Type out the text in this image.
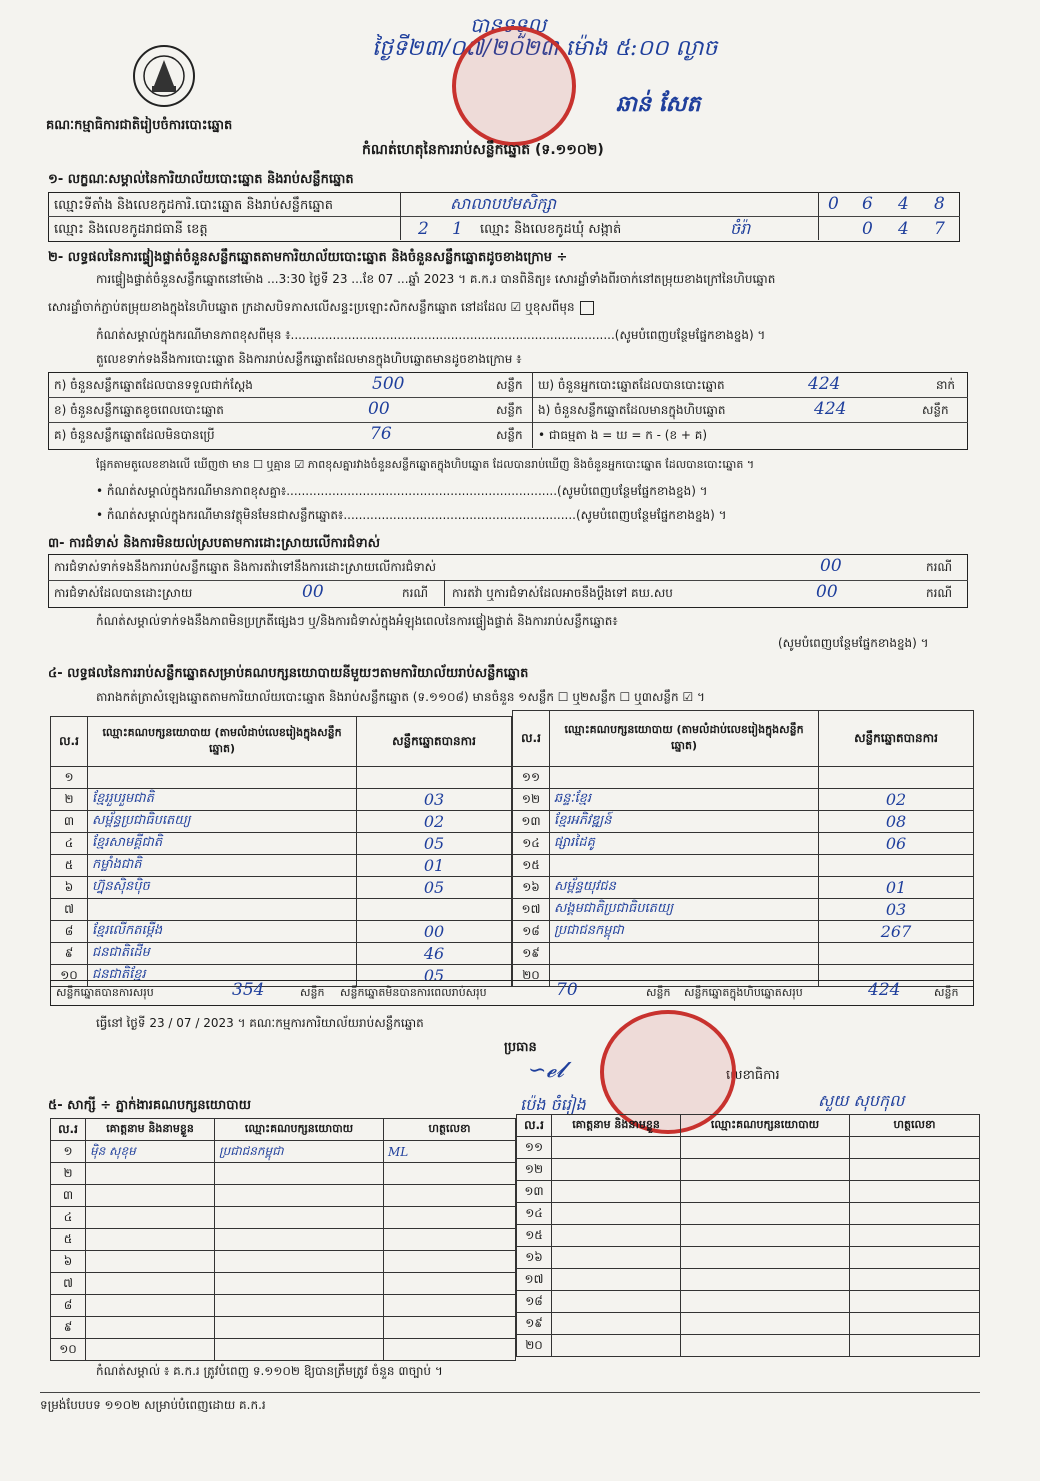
គណៈកម្មាធិការជាតិរៀបចំការបោះឆ្នោត
បានទទួល
ថ្ងៃទី២៣/០៧/២០២៣ ម៉ោង ៥:០០ ល្ងាច
ឆាន់ សែត
កំណត់ហេតុនៃការរាប់សន្លឹកឆ្នោត (ទ.១១០២)
១- លក្ខណៈសម្គាល់នៃការិយាល័យបោះឆ្នោត និងរាប់សន្លឹកឆ្នោត
ឈ្មោះទីតាំង និងលេខកូដការិ.បោះឆ្នោត និងរាប់សន្លឹកឆ្នោត	សាលាបឋមសិក្សា	0 6 4 8
ឈ្មោះ និងលេខកូដរាជធានី ខេត្ត	2 1 ឈ្មោះ និងលេខកូដឃុំ សង្កាត់	ចំរ៉ា	0 4 7
២- លទ្ធផលនៃការផ្ទៀងផ្ទាត់ចំនួនសន្លឹកឆ្នោតតាមការិយាល័យបោះឆ្នោត និងចំនួនសន្លឹកឆ្នោតដូចខាងក្រោម ÷
ការផ្ទៀងផ្ទាត់ចំនួនសន្លឹកឆ្នោតនៅម៉ោង ...3:30 ថ្ងៃទី 23 ...ខែ 07 ...ឆ្នាំ 2023 ។ គ.ក.រ បានពិនិត្យ៖ សោរដ្ឋាំទាំងពីរចាក់នៅតម្រុយខាងក្រៅនៃហិបឆ្នោត
សោរដ្ឋាំចាក់ភ្ជាប់តម្រុយខាងក្នុងនៃហិបឆ្នោត ក្រដាសបិទភាសលើសន្ទះប្រឡោះសិកសន្លឹកឆ្នោត នៅដដែល ☑ ឬខុសពីមុន
កំណត់សម្គាល់ក្នុងករណីមានភាពខុសពីមុន ៖.....................................................................................(សូមបំពេញបន្ថែមផ្នែកខាងខ្នង) ។
តួលេខទាក់ទងនឹងការបោះឆ្នោត និងការរាប់សន្លឹកឆ្នោតដែលមានក្នុងហិបឆ្នោតមានដូចខាងក្រោម ៖
ក) ចំនួនសន្លឹកឆ្នោតដែលបានទទួលជាក់ស្តែង	500	សន្លឹក
ខ) ចំនួនសន្លឹកឆ្នោតខូចពេលបោះឆ្នោត	00	សន្លឹក
គ) ចំនួនសន្លឹកឆ្នោតដែលមិនបានប្រើ	76	សន្លឹក
ឃ) ចំនួនអ្នកបោះឆ្នោតដែលបានបោះឆ្នោត	424	នាក់
ង) ចំនួនសន្លឹកឆ្នោតដែលមានក្នុងហិបឆ្នោត	424	សន្លឹក
• ជាធម្មតា ង = ឃ = ក - (ខ + គ)
ផ្អែកតាមតួលេខខាងលើ ឃើញថា មាន ☐ ឬគ្មាន ☑ ភាពខុសគ្នារវាងចំនួនសន្លឹកឆ្នោតក្នុងហិបឆ្នោត ដែលបានរាប់ឃើញ និងចំនួនអ្នកបោះឆ្នោត ដែលបានបោះឆ្នោត ។
• កំណត់សម្គាល់ក្នុងករណីមានភាពខុសគ្នា៖.......................................................................(សូមបំពេញបន្ថែមផ្នែកខាងខ្នង) ។
• កំណត់សម្គាល់ក្នុងករណីមានវត្ថុមិនមែនជាសន្លឹកឆ្នោត៖.............................................................(សូមបំពេញបន្ថែមផ្នែកខាងខ្នង) ។
៣- ការជំទាស់ និងការមិនយល់ស្របតាមការដោះស្រាយលើការជំទាស់
ការជំទាស់ទាក់ទងនឹងការរាប់សន្លឹកឆ្នោត និងការតវ៉ាទៅនឹងការដោះស្រាយលើការជំទាស់	00	ករណី
ការជំទាស់ដែលបានដោះស្រាយ	00	ករណី ការតវ៉ា ឬការជំទាស់ដែលអាចនឹងប្តឹងទៅ គឃ.សប	00	ករណី
កំណត់សម្គាល់ទាក់ទងនឹងភាពមិនប្រក្រតីផ្សេងៗ ឬ/និងការជំទាស់ក្នុងអំឡុងពេលនៃការផ្ទៀងផ្ទាត់ និងការរាប់សន្លឹកឆ្នោត៖
(សូមបំពេញបន្ថែមផ្នែកខាងខ្នង) ។
៤- លទ្ធផលនៃការរាប់សន្លឹកឆ្នោតសម្រាប់គណបក្សនយោបាយនីមួយៗតាមការិយាល័យរាប់សន្លឹកឆ្នោត
តារាងកត់ត្រាសំឡេងឆ្នោតតាមការិយាល័យបោះឆ្នោត និងរាប់សន្លឹកឆ្នោត (ទ.១១០៨) មានចំនួន ១សន្លឹក ☐ ឬ២សន្លឹក ☐ ឬ៣សន្លឹក ☑ ។
ល.រ	ឈ្មោះគណបក្សនយោបាយ (តាមលំដាប់លេខរៀងក្នុងសន្លឹកឆ្នោត)	សន្លឹកឆ្នោតបានការ
១		
២	ខ្មែររួបរួមជាតិ	03
៣	សម្ព័ន្ធប្រជាធិបតេយ្យ	02
៤	ខ្មែរសាមគ្គីជាតិ	05
៥	កម្លាំងជាតិ	01
៦	ហ្វ៊ុនស៊ិនប៉ិច	05
៧		
៨	ខ្មែរលើកតម្កើង	00
៩	ជនជាតិដើម	46
១០	ជនជាតិខ្មែរ	05
ល.រ	ឈ្មោះគណបក្សនយោបាយ (តាមលំដាប់លេខរៀងក្នុងសន្លឹកឆ្នោត)	សន្លឹកឆ្នោតបានការ
១១		
១២	ឆន្ទៈខ្មែរ	02
១៣	ខ្មែរអភិវឌ្ឍន៍	08
១៤	ផ្សារដៃគូ	06
១៥		
១៦	សម្ព័ន្ធយុវជន	01
១៧	សង្គមជាតិប្រជាធិបតេយ្យ	03
១៨	ប្រជាជនកម្ពុជា	267
១៩		
២០		
សន្លឹកឆ្នោតបានការសរុប	354	សន្លឹក សន្លឹកឆ្នោតមិនបានការពេលរាប់សរុប	70	សន្លឹក សន្លឹកឆ្នោតក្នុងហិបឆ្នោតសរុប	424	សន្លឹក
ធ្វើនៅ ថ្ងៃទី 23 / 07 / 2023 ។ គណៈកម្មការការិយាល័យរាប់សន្លឹកឆ្នោត
ប្រធាន
លេខាធិការ
∽𝓮𝓵
ប៉េង ចំរៀង	សួយ សុបកុល
៥- សាក្សី ÷ ភ្នាក់ងារគណបក្សនយោបាយ
ល.រ	គោត្តនាម និងនាមខ្លួន	ឈ្មោះគណបក្សនយោបាយ	ហត្ថលេខា
១	ម៉ិន សុខុម	ប្រជាជនកម្ពុជា	ML
២			
៣			
៤			
៥			
៦			
៧			
៨			
៩			
១០			
ល.រ	គោត្តនាម និងនាមខ្លួន	ឈ្មោះគណបក្សនយោបាយ	ហត្ថលេខា
១១			
១២			
១៣			
១៤			
១៥			
១៦			
១៧			
១៨			
១៩			
២០			
កំណត់សម្គាល់ ៖ គ.ក.រ ត្រូវបំពេញ ទ.១១០២ ឱ្យបានត្រឹមត្រូវ ចំនួន ៣ច្បាប់ ។
ទម្រង់បែបបទ ១១០២ សម្រាប់បំពេញដោយ គ.ក.រ
